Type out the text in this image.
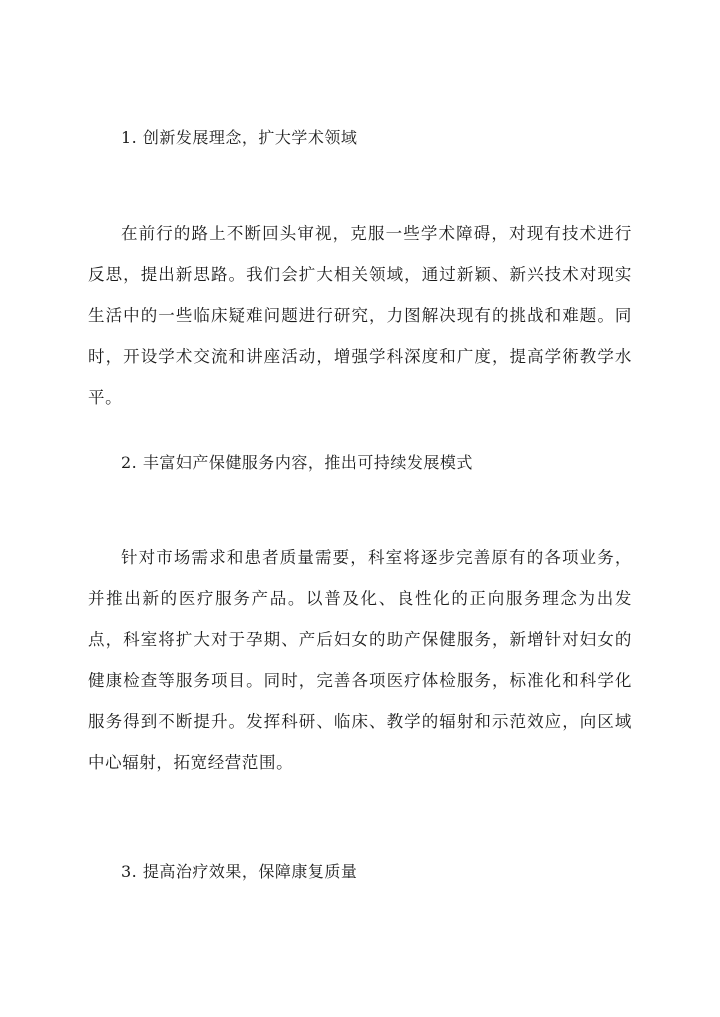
1. 创新发展理念，扩大学术领域

在前行的路上不断回头审视，克服一些学术障碍，对现有技术进行反思，提出新思路。我们会扩大相关领域，通过新颖、新兴技术对现实生活中的一些临床疑难问题进行研究，力图解决现有的挑战和难题。同时，开设学术交流和讲座活动，增强学科深度和广度，提高学術教学水平。

2. 丰富妇产保健服务内容，推出可持续发展模式

针对市场需求和患者质量需要，科室将逐步完善原有的各项业务，并推出新的医疗服务产品。以普及化、良性化的正向服务理念为出发点，科室将扩大对于孕期、产后妇女的助产保健服务，新增针对妇女的健康检查等服务项目。同时，完善各项医疗体检服务，标准化和科学化服务得到不断提升。发挥科研、临床、教学的辐射和示范效应，向区域中心辐射，拓宽经营范围。

3. 提高治疗效果，保障康复质量
